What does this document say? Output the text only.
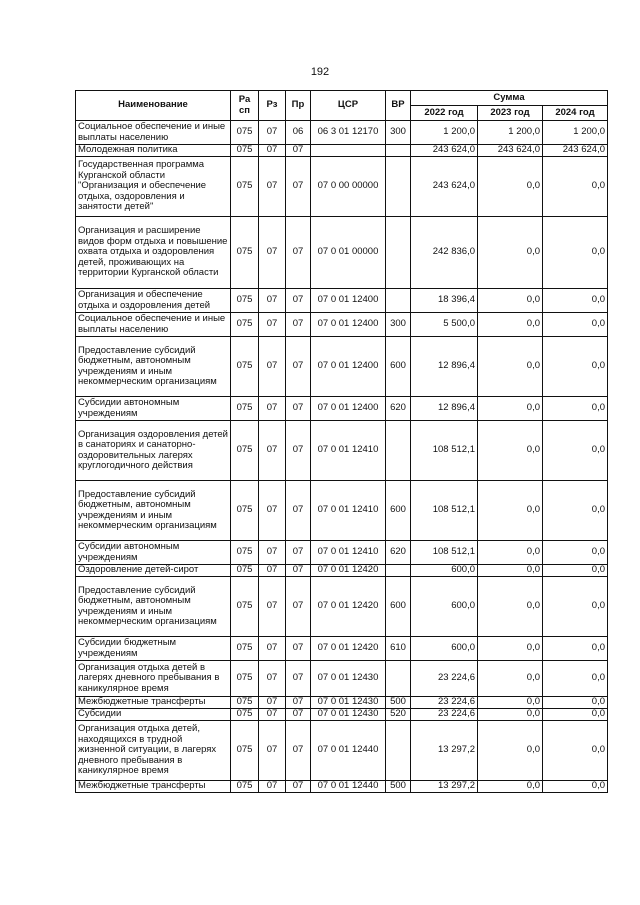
192
Наименование	Ра сп	Рз	Пр	ЦСР	ВР	Сумма		
						2022 год	2023 год	2024 год
Социальное обеспечение и иные выплаты населению	075	07	06	06 3 01 12170	300	1 200,0	1 200,0	1 200,0
Молодежная политика	075	07	07			243 624,0	243 624,0	243 624,0
Государственная программа Курганской области "Организация и обеспечение отдыха, оздоровления и занятости детей"	075	07	07	07 0 00 00000		243 624,0	0,0	0,0
Организация и расширение видов форм отдыха и повышение охвата отдыха и оздоровления детей, проживающих на территории Курганской области	075	07	07	07 0 01 00000		242 836,0	0,0	0,0
Организация и обеспечение отдыха и оздоровления детей	075	07	07	07 0 01 12400		18 396,4	0,0	0,0
Социальное обеспечение и иные выплаты населению	075	07	07	07 0 01 12400	300	5 500,0	0,0	0,0
Предоставление субсидий бюджетным, автономным учреждениям и иным некоммерческим организациям	075	07	07	07 0 01 12400	600	12 896,4	0,0	0,0
Субсидии автономным учреждениям	075	07	07	07 0 01 12400	620	12 896,4	0,0	0,0
Организация оздоровления детей в санаториях и санаторно-оздоровительных лагерях круглогодичного действия	075	07	07	07 0 01 12410		108 512,1	0,0	0,0
Предоставление субсидий бюджетным, автономным учреждениям и иным некоммерческим организациям	075	07	07	07 0 01 12410	600	108 512,1	0,0	0,0
Субсидии автономным учреждениям	075	07	07	07 0 01 12410	620	108 512,1	0,0	0,0
Оздоровление детей-сирот	075	07	07	07 0 01 12420		600,0	0,0	0,0
Предоставление субсидий бюджетным, автономным учреждениям и иным некоммерческим организациям	075	07	07	07 0 01 12420	600	600,0	0,0	0,0
Субсидии бюджетным учреждениям	075	07	07	07 0 01 12420	610	600,0	0,0	0,0
Организация отдыха детей в лагерях дневного пребывания в каникулярное время	075	07	07	07 0 01 12430		23 224,6	0,0	0,0
Межбюджетные трансферты	075	07	07	07 0 01 12430	500	23 224,6	0,0	0,0
Субсидии	075	07	07	07 0 01 12430	520	23 224,6	0,0	0,0
Организация отдыха детей, находящихся в трудной жизненной ситуации, в лагерях дневного пребывания в каникулярное время	075	07	07	07 0 01 12440		13 297,2	0,0	0,0
Межбюджетные трансферты	075	07	07	07 0 01 12440	500	13 297,2	0,0	0,0
